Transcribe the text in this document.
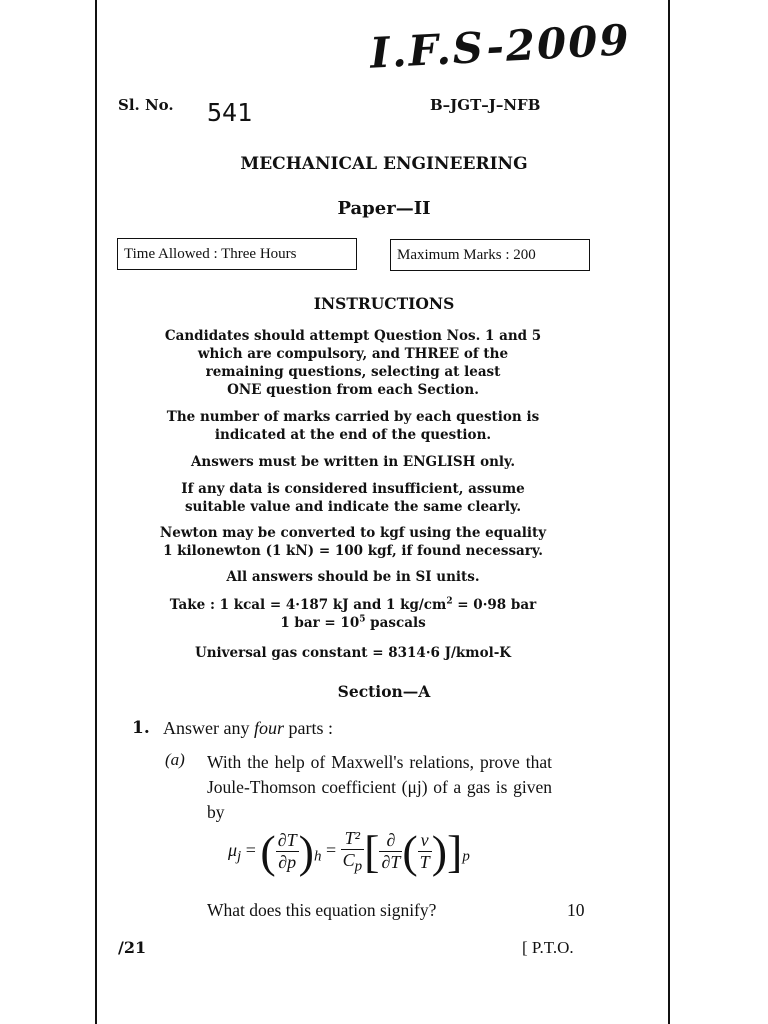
I.F.S-2009
Sl. No. 541	B–JGT–J–NFB
MECHANICAL ENGINEERING
Paper—II
Time Allowed : Three Hours	Maximum Marks : 200
INSTRUCTIONS
Candidates should attempt Question Nos. 1 and 5
which are compulsory, and THREE of the
remaining questions, selecting at least
ONE question from each Section.
The number of marks carried by each question is
indicated at the end of the question.
Answers must be written in ENGLISH only.
If any data is considered insufficient, assume
suitable value and indicate the same clearly.
Newton may be converted to kgf using the equality
1 kilonewton (1 kN) = 100 kgf, if found necessary.
All answers should be in SI units.
Take : 1 kcal = 4·187 kJ and 1 $kg/cm^2 = 0\cdot 98$ bar
1 bar = $10^5$ pascals
Universal gas constant = 8314·6 J/kmol-K
Section—A
1. Answer any four parts :
(a) With the help of Maxwell's relations, prove that Joule-Thomson coefficient (μj) of a gas is given by
$\mu_j$ = ( $\frac{\partial T}{\partial p} )_h = \frac{\text{T²}}{C_p}$ [ $\frac{\partial}{\partial T}$ ( $\frac{v}{T} )]_p$
What does this equation signify?	10
/21	[ P.T.O.
